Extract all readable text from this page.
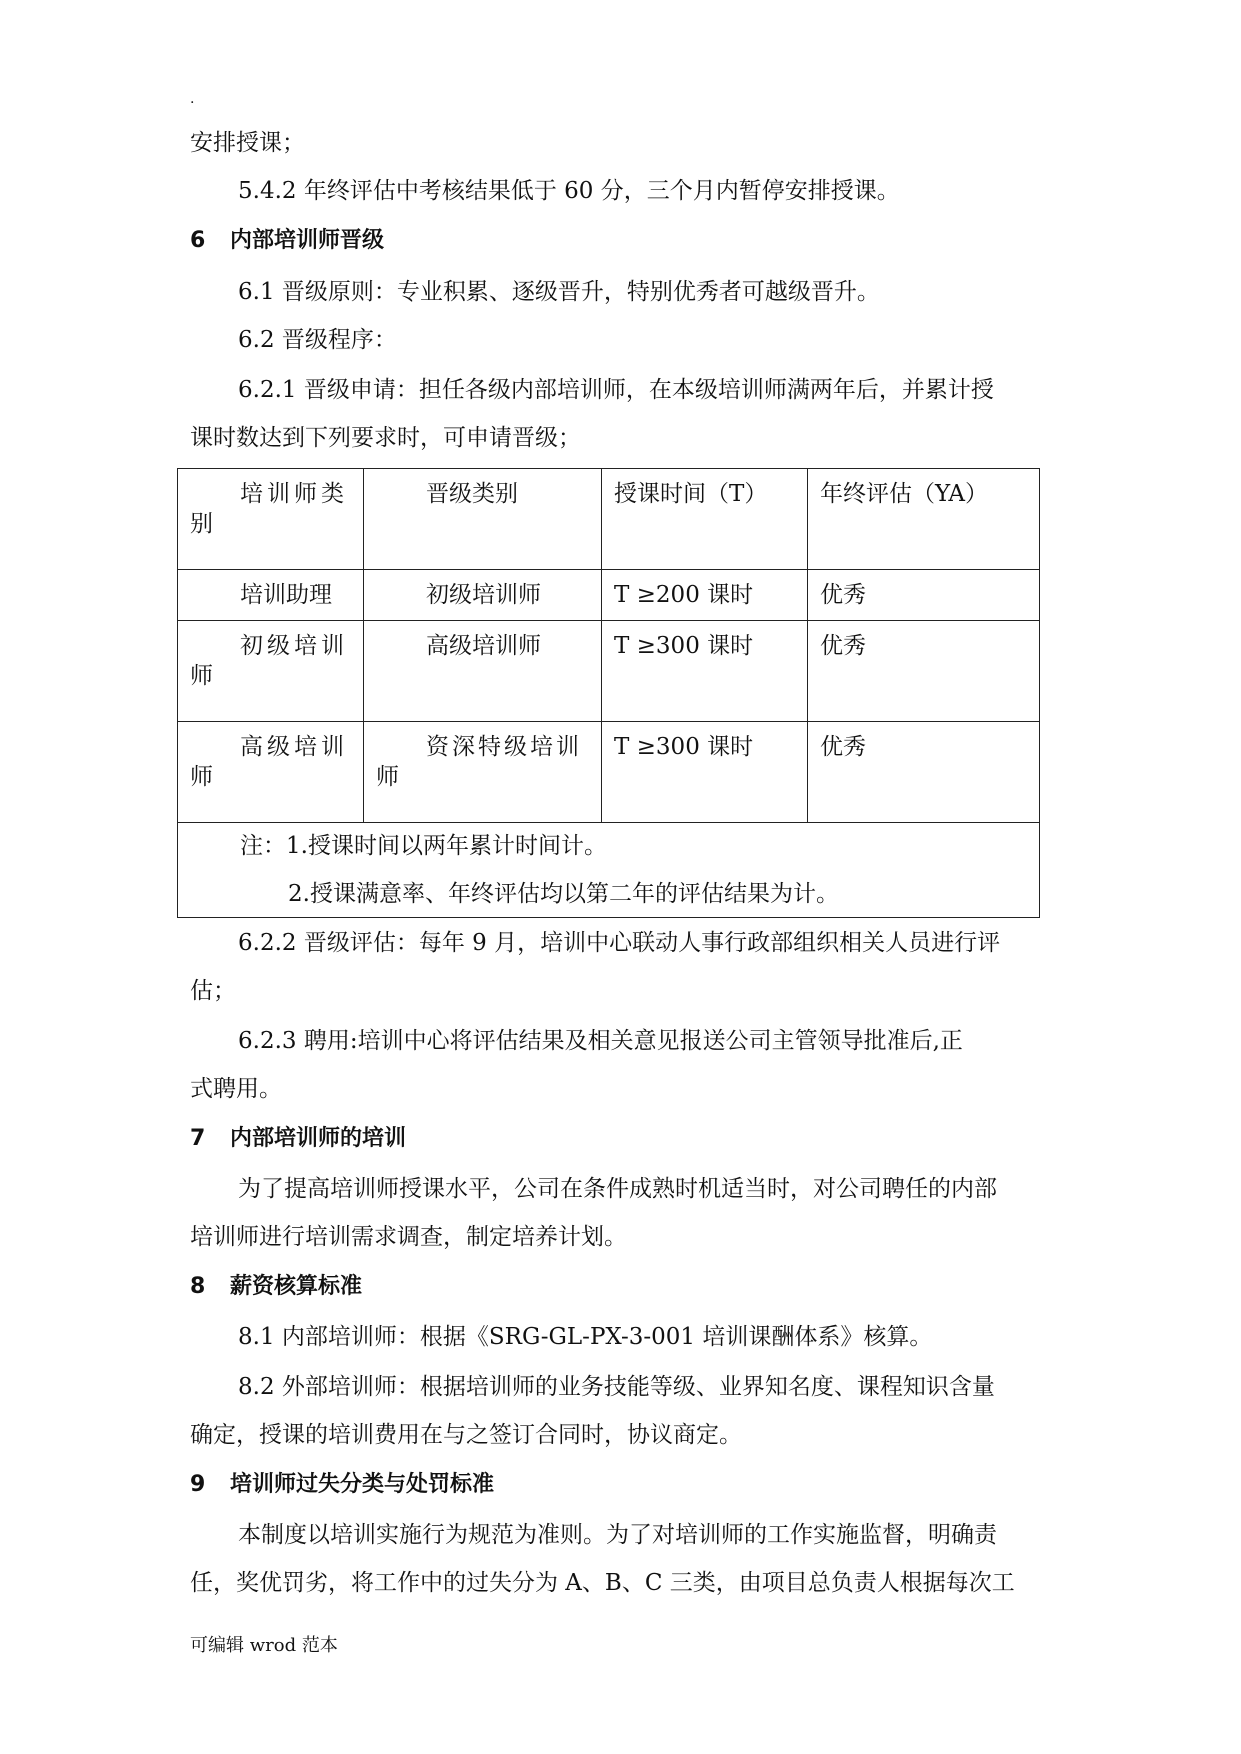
.
安排授课；
5.4.2 年终评估中考核结果低于 60 分，三个月内暂停安排授课。
6 内部培训师晋级
6.1 晋级原则：专业积累、逐级晋升，特别优秀者可越级晋升。
6.2 晋级程序：
6.2.1 晋级申请：担任各级内部培训师，在本级培训师满两年后，并累计授
课时数达到下列要求时，可申请晋级；
培训师类
别	晋级类别	授课时间（T）	年终评估（YA）
培训助理	初级培训师	T ≥200 课时	优秀
初级培训
师	高级培训师	T ≥300 课时	优秀
高级培训
师	资深特级培训
师	T ≥300 课时	优秀

注：1.授课时间以两年累计时间计。
2.授课满意率、年终评估均以第二年的评估结果为计。			
6.2.2 晋级评估：每年 9 月，培训中心联动人事行政部组织相关人员进行评
估；
6.2.3 聘用:培训中心将评估结果及相关意见报送公司主管领导批准后,正
式聘用。
7 内部培训师的培训
为了提高培训师授课水平，公司在条件成熟时机适当时，对公司聘任的内部
培训师进行培训需求调查，制定培养计划。
8 薪资核算标准
8.1 内部培训师：根据《SRG-GL-PX-3-001 培训课酬体系》核算。
8.2 外部培训师：根据培训师的业务技能等级、业界知名度、课程知识含量
确定，授课的培训费用在与之签订合同时，协议商定。
9 培训师过失分类与处罚标准
本制度以培训实施行为规范为准则。为了对培训师的工作实施监督，明确责
任，奖优罚劣，将工作中的过失分为 A、B、C 三类，由项目总负责人根据每次工
可编辑 wrod 范本
